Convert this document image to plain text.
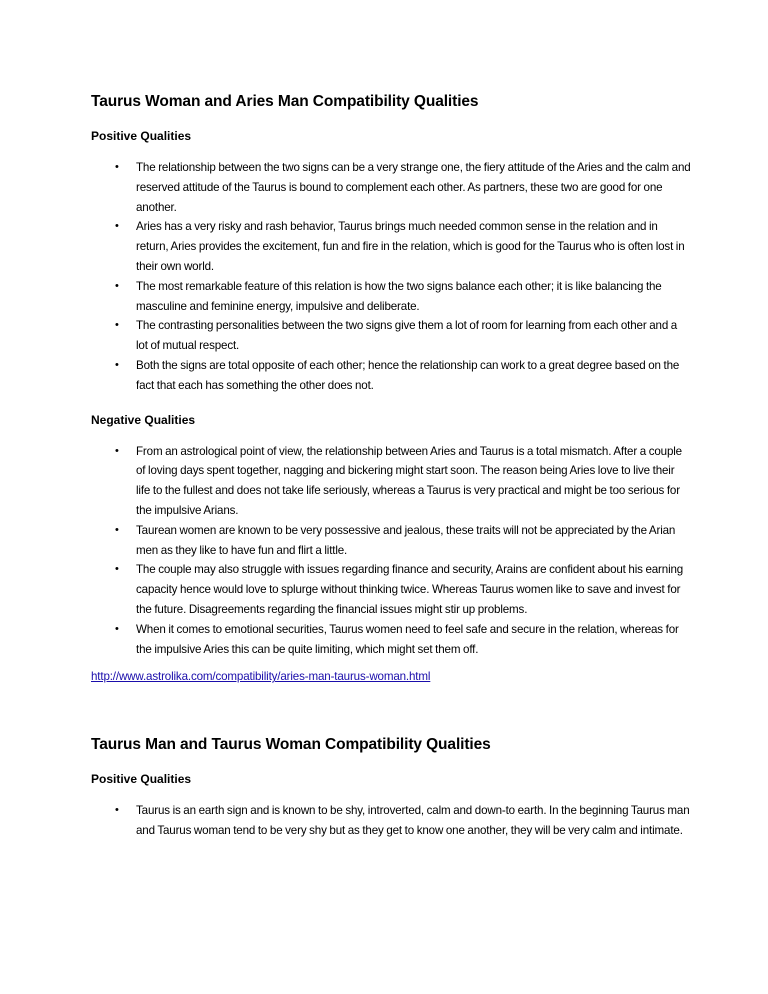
Taurus Woman and Aries Man Compatibility Qualities
Positive Qualities
• The relationship between the two signs can be a very strange one, the fiery attitude of the Aries and the calm and reserved attitude of the Taurus is bound to complement each other. As partners, these two are good for one another.
• Aries has a very risky and rash behavior, Taurus brings much needed common sense in the relation and in return, Aries provides the excitement, fun and fire in the relation, which is good for the Taurus who is often lost in their own world.
• The most remarkable feature of this relation is how the two signs balance each other; it is like balancing the masculine and feminine energy, impulsive and deliberate.
• The contrasting personalities between the two signs give them a lot of room for learning from each other and a lot of mutual respect.
• Both the signs are total opposite of each other; hence the relationship can work to a great degree based on the fact that each has something the other does not.
Negative Qualities
• From an astrological point of view, the relationship between Aries and Taurus is a total mismatch. After a couple of loving days spent together, nagging and bickering might start soon. The reason being Aries love to live their life to the fullest and does not take life seriously, whereas a Taurus is very practical and might be too serious for the impulsive Arians.
• Taurean women are known to be very possessive and jealous, these traits will not be appreciated by the Arian men as they like to have fun and flirt a little.
• The couple may also struggle with issues regarding finance and security, Arains are confident about his earning capacity hence would love to splurge without thinking twice. Whereas Taurus women like to save and invest for the future. Disagreements regarding the financial issues might stir up problems.
• When it comes to emotional securities, Taurus women need to feel safe and secure in the relation, whereas for the impulsive Aries this can be quite limiting, which might set them off.
http://www.astrolika.com/compatibility/aries-man-taurus-woman.html
Taurus Man and Taurus Woman Compatibility Qualities
Positive Qualities
• Taurus is an earth sign and is known to be shy, introverted, calm and down-to earth. In the beginning Taurus man and Taurus woman tend to be very shy but as they get to know one another, they will be very calm and intimate.
